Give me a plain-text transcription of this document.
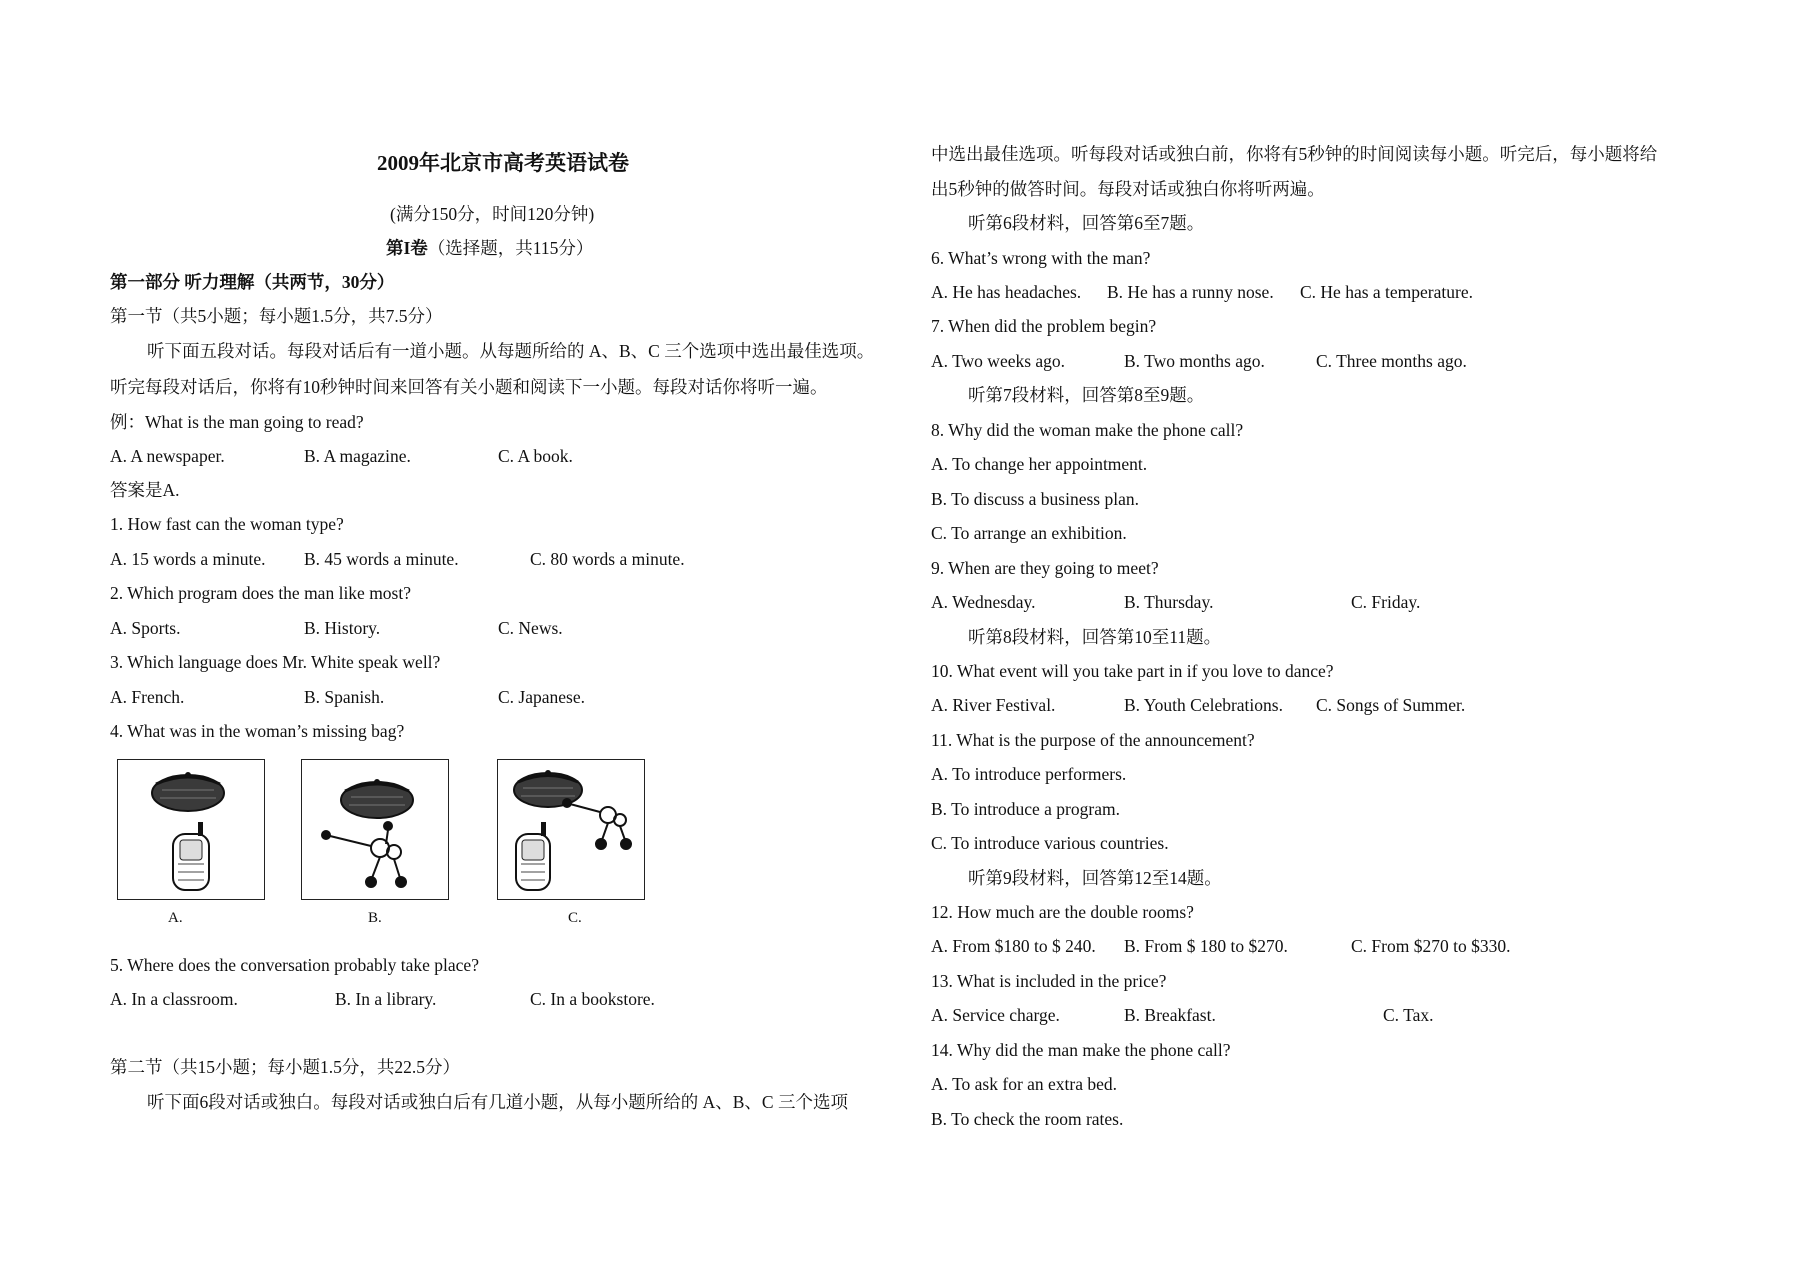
2009年北京市高考英语试卷
(满分150分，时间120分钟)
第I卷（选择题，共115分）
第一部分 听力理解（共两节，30分）
第一节（共5小题；每小题1.5分，共7.5分）
听下面五段对话。每段对话后有一道小题。从每题所给的 A、B、C 三个选项中选出最佳选项。
听完每段对话后，你将有10秒钟时间来回答有关小题和阅读下一小题。每段对话你将听一遍。
例：What is the man going to read?
A. A newspaper.	B. A magazine.	C. A book.
答案是A.
1. How fast can the woman type?
A. 15 words a minute. B. 45 words a minute.	C. 80 words a minute.
2. Which program does the man like most?
A. Sports.	B. History.	C. News.
3. Which language does Mr. White speak well?
A. French.	B. Spanish.	C. Japanese.
4. What was in the woman’s missing bag?
A.	B.	C.
5. Where does the conversation probably take place?
A. In a classroom.	B. In a library.	C. In a bookstore.
第二节（共15小题；每小题1.5分，共22.5分）
听下面6段对话或独白。每段对话或独白后有几道小题，从每小题所给的 A、B、C 三个选项
中选出最佳选项。听每段对话或独白前，你将有5秒钟的时间阅读每小题。听完后，每小题将给
出5秒钟的做答时间。每段对话或独白你将听两遍。
听第6段材料，回答第6至7题。
6. What’s wrong with the man?
A. He has headaches. B. He has a runny nose. C. He has a temperature.
7. When did the problem begin?
A. Two weeks ago.	B. Two months ago.	C. Three months ago.
听第7段材料，回答第8至9题。
8. Why did the woman make the phone call?
A. To change her appointment.
B. To discuss a business plan.
C. To arrange an exhibition.
9. When are they going to meet?
A. Wednesday.	B. Thursday.	C. Friday.
听第8段材料，回答第10至11题。
10. What event will you take part in if you love to dance?
A. River Festival.	B. Youth Celebrations. C. Songs of Summer.
11. What is the purpose of the announcement?
A. To introduce performers.
B. To introduce a program.
C. To introduce various countries.
听第9段材料，回答第12至14题。
12. How much are the double rooms?
A. From $180 to $ 240. B. From $ 180 to $270.	C. From $270 to $330.
13. What is included in the price?
A. Service charge.	B. Breakfast.	C. Tax.
14. Why did the man make the phone call?
A. To ask for an extra bed.
B. To check the room rates.
